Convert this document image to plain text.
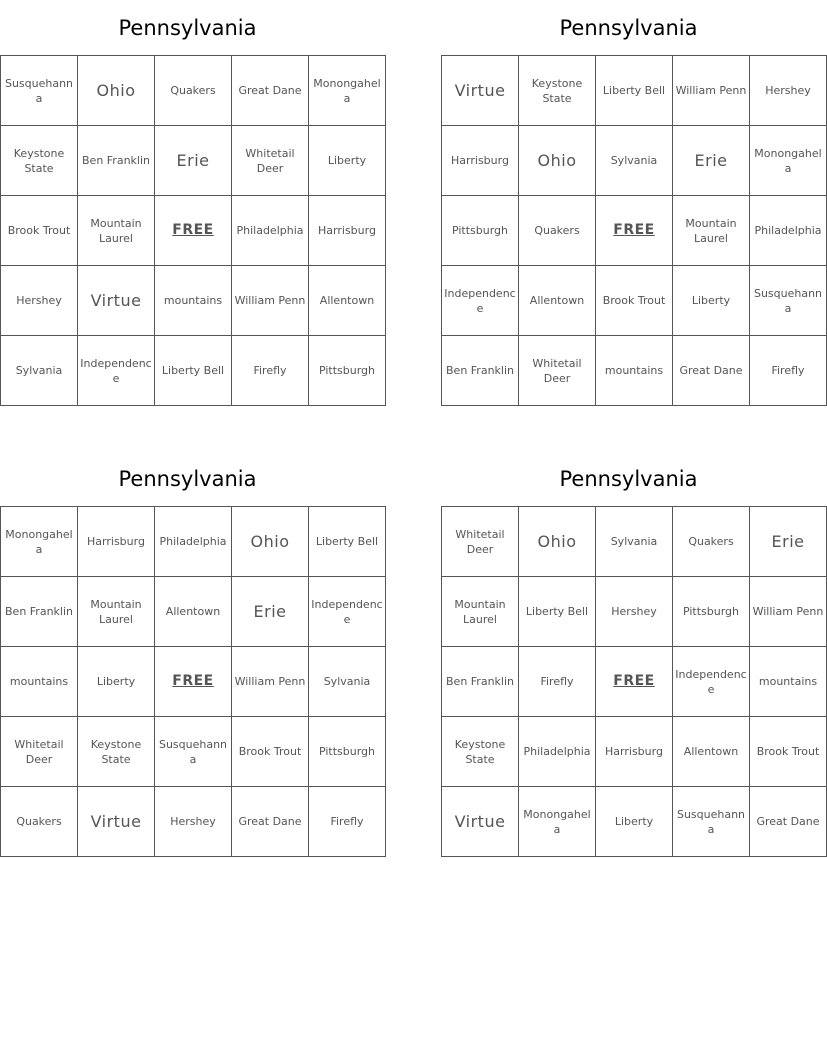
Pennsylvania
Susquehanna	Ohio	Quakers	Great Dane	Monongahela
Keystone State	Ben Franklin	Erie	Whitetail Deer	Liberty
Brook Trout	Mountain Laurel	FREE	Philadelphia	Harrisburg
Hershey	Virtue	mountains	William Penn	Allentown
Sylvania	Independence	Liberty Bell	Firefly	Pittsburgh
Pennsylvania
Virtue	Keystone State	Liberty Bell	William Penn	Hershey
Harrisburg	Ohio	Sylvania	Erie	Monongahela
Pittsburgh	Quakers	FREE	Mountain Laurel	Philadelphia
Independence	Allentown	Brook Trout	Liberty	Susquehanna
Ben Franklin	Whitetail Deer	mountains	Great Dane	Firefly
Pennsylvania
Monongahela	Harrisburg	Philadelphia	Ohio	Liberty Bell
Ben Franklin	Mountain Laurel	Allentown	Erie	Independence
mountains	Liberty	FREE	William Penn	Sylvania
Whitetail Deer	Keystone State	Susquehanna	Brook Trout	Pittsburgh
Quakers	Virtue	Hershey	Great Dane	Firefly
Pennsylvania
Whitetail Deer	Ohio	Sylvania	Quakers	Erie
Mountain Laurel	Liberty Bell	Hershey	Pittsburgh	William Penn
Ben Franklin	Firefly	FREE	Independence	mountains
Keystone State	Philadelphia	Harrisburg	Allentown	Brook Trout
Virtue	Monongahela	Liberty	Susquehanna	Great Dane
